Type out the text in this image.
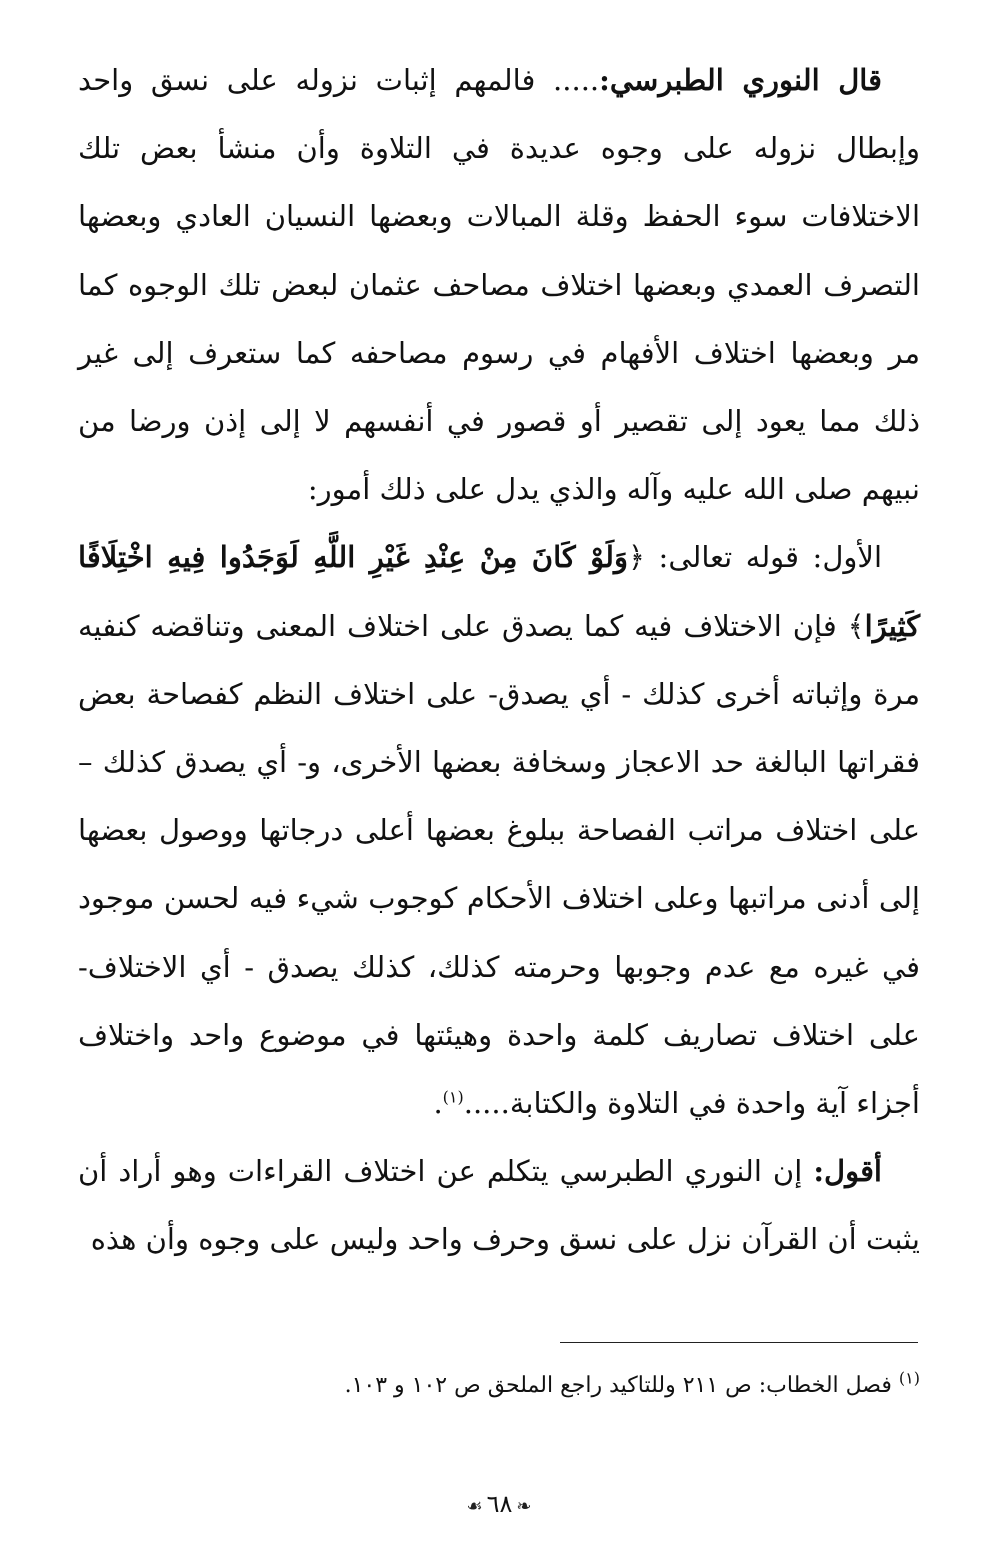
قال النوري الطبرسي:..... فالمهم إثبات نزوله على نسق واحد وإبطال نزوله على وجوه عديدة في التلاوة وأن منشأ بعض تلك الاختلافات سوء الحفظ وقلة المبالات وبعضها النسيان العادي وبعضها التصرف العمدي وبعضها اختلاف مصاحف عثمان لبعض تلك الوجوه كما مر وبعضها اختلاف الأفهام في رسوم مصاحفه كما ستعرف إلى غير ذلك مما يعود إلى تقصير أو قصور في أنفسهم لا إلى إذن ورضا من نبيهم صلى الله عليه وآله والذي يدل على ذلك أمور:

الأول: قوله تعالى: ﴿وَلَوْ كَانَ مِنْ عِنْدِ غَيْرِ اللَّهِ لَوَجَدُوا فِيهِ اخْتِلَافًا كَثِيرًا﴾ فإن الاختلاف فيه كما يصدق على اختلاف المعنى وتناقضه كنفيه مرة وإثباته أخرى كذلك - أي يصدق- على اختلاف النظم كفصاحة بعض فقراتها البالغة حد الاعجاز وسخافة بعضها الأخرى، و- أي يصدق كذلك – على اختلاف مراتب الفصاحة ببلوغ بعضها أعلى درجاتها ووصول بعضها إلى أدنى مراتبها وعلى اختلاف الأحكام كوجوب شيء فيه لحسن موجود في غيره مع عدم وجوبها وحرمته كذلك، كذلك يصدق - أي الاختلاف- على اختلاف تصاريف كلمة واحدة وهيئتها في موضوع واحد واختلاف أجزاء آية واحدة في التلاوة والكتابة.....$^{(١)}$.

أقول: إن النوري الطبرسي يتكلم عن اختلاف القراءات وهو أراد أن يثبت أن القرآن نزل على نسق وحرف واحد وليس على وجوه وأن هذه

$^{(١)}$ فصل الخطاب: ص ٢١١ وللتاكيد راجع الملحق ص ١٠٢ و ١٠٣.
❧٦٨☙
